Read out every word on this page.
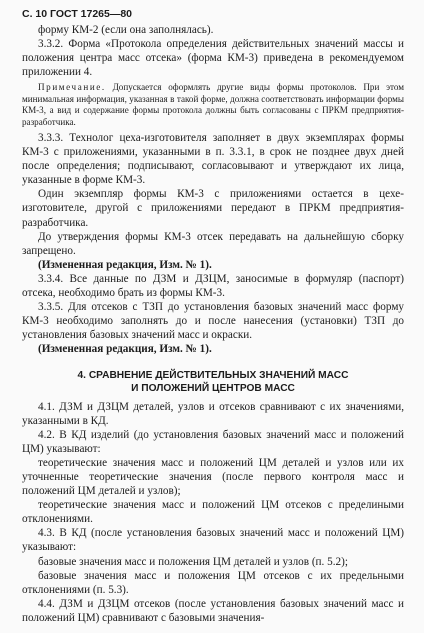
С. 10 ГОСТ 17265—80

форму КМ-2 (если она заполнялась).

3.3.2. Форма «Протокола определения действительных значений массы и положения центра масс отсека» (форма КМ-3) приведена в рекомендуемом приложении 4.

Примечание. Допускается оформлять другие виды формы протоколов. При этом минимальная информация, указанная в такой форме, должна соответствовать информации формы КМ-3, а вид и содержание формы протокола должны быть согласованы с ПРКМ предприятия-разработчика.

3.3.3. Технолог цеха-изготовителя заполняет в двух экземплярах формы КМ-3 с приложениями, указанными в п. 3.3.1, в срок не позднее двух дней после определения; подписывают, согласовывают и утверждают их лица, указанные в форме КМ-3.

Один экземпляр формы КМ-3 с приложениями остается в цехе-изготовителе, другой с приложениями передают в ПРКМ предприятия-разработчика.

До утверждения формы КМ-3 отсек передавать на дальнейшую сборку запрещено.

(Измененная редакция, Изм. № 1).

3.3.4. Все данные по ДЗМ и ДЗЦМ, заносимые в формуляр (паспорт) отсека, необходимо брать из формы КМ-3.

3.3.5. Для отсеков с ТЗП до установления базовых значений масс форму КМ-3 необходимо заполнять до и после нанесения (установки) ТЗП до установления базовых значений масс и окраски.

(Измененная редакция, Изм. № 1).

4. СРАВНЕНИЕ ДЕЙСТВИТЕЛЬНЫХ ЗНАЧЕНИЙ МАСС
И ПОЛОЖЕНИЙ ЦЕНТРОВ МАСС

4.1. ДЗМ и ДЗЦМ деталей, узлов и отсеков сравнивают с их значениями, указанными в КД.

4.2. В КД изделий (до установления базовых значений масс и положений ЦМ) указывают:

теоретические значения масс и положений ЦМ деталей и узлов или их уточненные теоретические значения (после первого контроля масс и положений ЦМ деталей и узлов);

теоретические значения масс и положений ЦМ отсеков с пределиными отклонениями.

4.3. В КД (после установления базовых значений масс и положений ЦМ) указывают:

базовые значения масс и положения ЦМ деталей и узлов (п. 5.2);

базовые значения масс и положения ЦМ отсеков с их предельными отклонениями (п. 5.3).

4.4. ДЗМ и ДЗЦМ отсеков (после установления базовых значений масс и положений ЦМ) сравнивают с базовыми значения-
